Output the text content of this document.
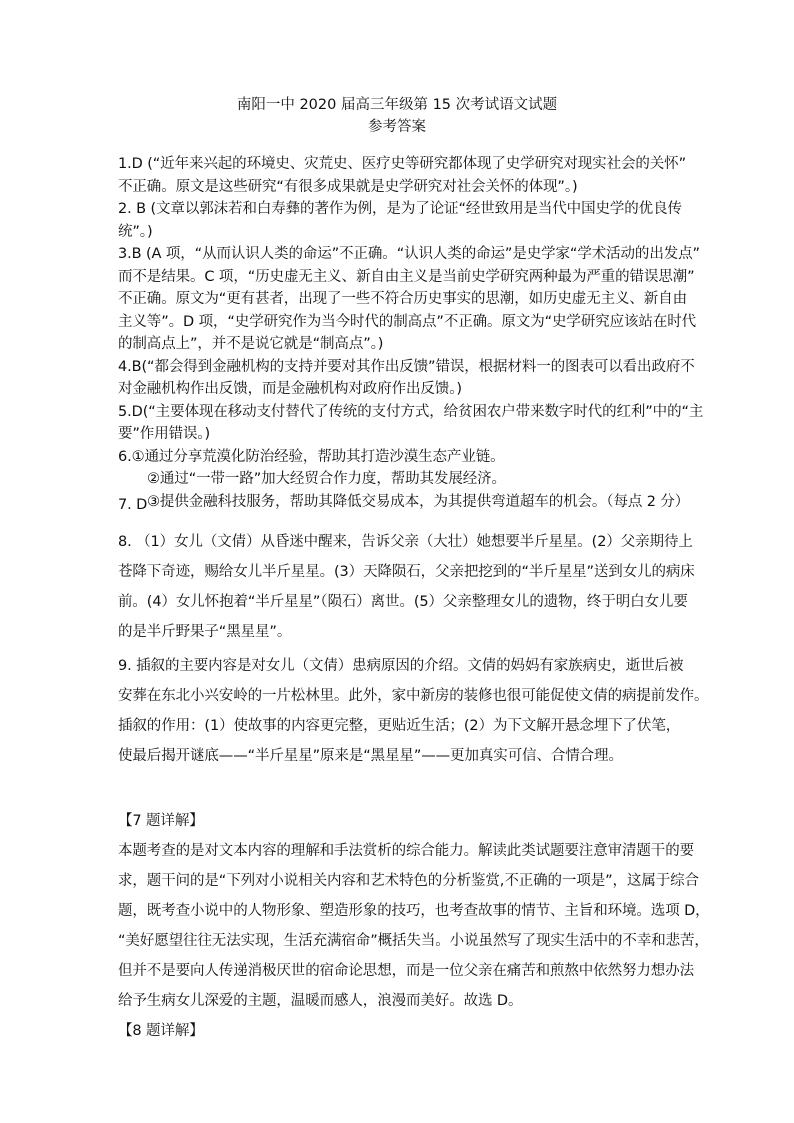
南阳一中 2020 届高三年级第 15 次考试语文试题
参考答案

1.D (“近年来兴起的环境史、灾荒史、医疗史等研究都体现了史学研究对现实社会的关怀”

不正确。原文是这些研究“有很多成果就是史学研究对社会关怀的体现”。)

2. B (文章以郭沫若和白寿彝的著作为例，是为了论证“经世致用是当代中国史学的优良传

统”。)

3.B (A 项，“从而认识人类的命运”不正确。“认识人类的命运”是史学家“学术活动的出发点”

而不是结果。C 项，“历史虚无主义、新自由主义是当前史学研究两种最为严重的错误思潮”

不正确。原文为“更有甚者，出现了一些不符合历史事实的思潮，如历史虚无主义、新自由

主义等”。D 项，“史学研究作为当今时代的制高点”不正确。原文为“史学研究应该站在时代

的制高点上”，并不是说它就是“制高点”。)

4.B(“都会得到金融机构的支持并要对其作出反馈”错误，根据材料一的图表可以看出政府不

对金融机构作出反馈，而是金融机构对政府作出反馈。)

5.D(“主要体现在移动支付替代了传统的支付方式，给贫困农户带来数字时代的红利”中的“主

要”作用错误。)

6.①通过分享荒漠化防治经验，帮助其打造沙漠生态产业链。

②通过“一带一路”加大经贸合作力度，帮助其发展经济。

③提供金融科技服务，帮助其降低交易成本，为其提供弯道超车的机会。（每点 2 分）

7. D

8. （1）女儿（文倩）从昏迷中醒来，告诉父亲（大壮）她想要半斤星星。(2）父亲期待上

苍降下奇迹，赐给女儿半斤星星。(3）天降陨石，父亲把挖到的“半斤星星”送到女儿的病床

前。(4）女儿怀抱着“半斤星星”（陨石）离世。(5）父亲整理女儿的遗物，终于明白女儿要

的是半斤野果子“黑星星”。

9. 插叙的主要内容是对女儿（文倩）患病原因的介绍。文倩的妈妈有家族病史，逝世后被

安葬在东北小兴安岭的一片松林里。此外，家中新房的装修也很可能促使文倩的病提前发作。

插叙的作用：(1）使故事的内容更完整，更贴近生活；(2）为下文解开悬念埋下了伏笔，

使最后揭开谜底——“半斤星星”原来是“黑星星”——更加真实可信、合情合理。

【7 题详解】

本题考查的是对文本内容的理解和手法赏析的综合能力。解读此类试题要注意审清题干的要

求，题干问的是“下列对小说相关内容和艺术特色的分析鉴赏,不正确的一项是”，这属于综合

题，既考查小说中的人物形象、塑造形象的技巧，也考查故事的情节、主旨和环境。选项 D，

“美好愿望往往无法实现，生活充满宿命”概括失当。小说虽然写了现实生活中的不幸和悲苦，

但并不是要向人传递消极厌世的宿命论思想，而是一位父亲在痛苦和煎熬中依然努力想办法

给予生病女儿深爱的主题，温暖而感人，浪漫而美好。故选 D。

【8 题详解】
